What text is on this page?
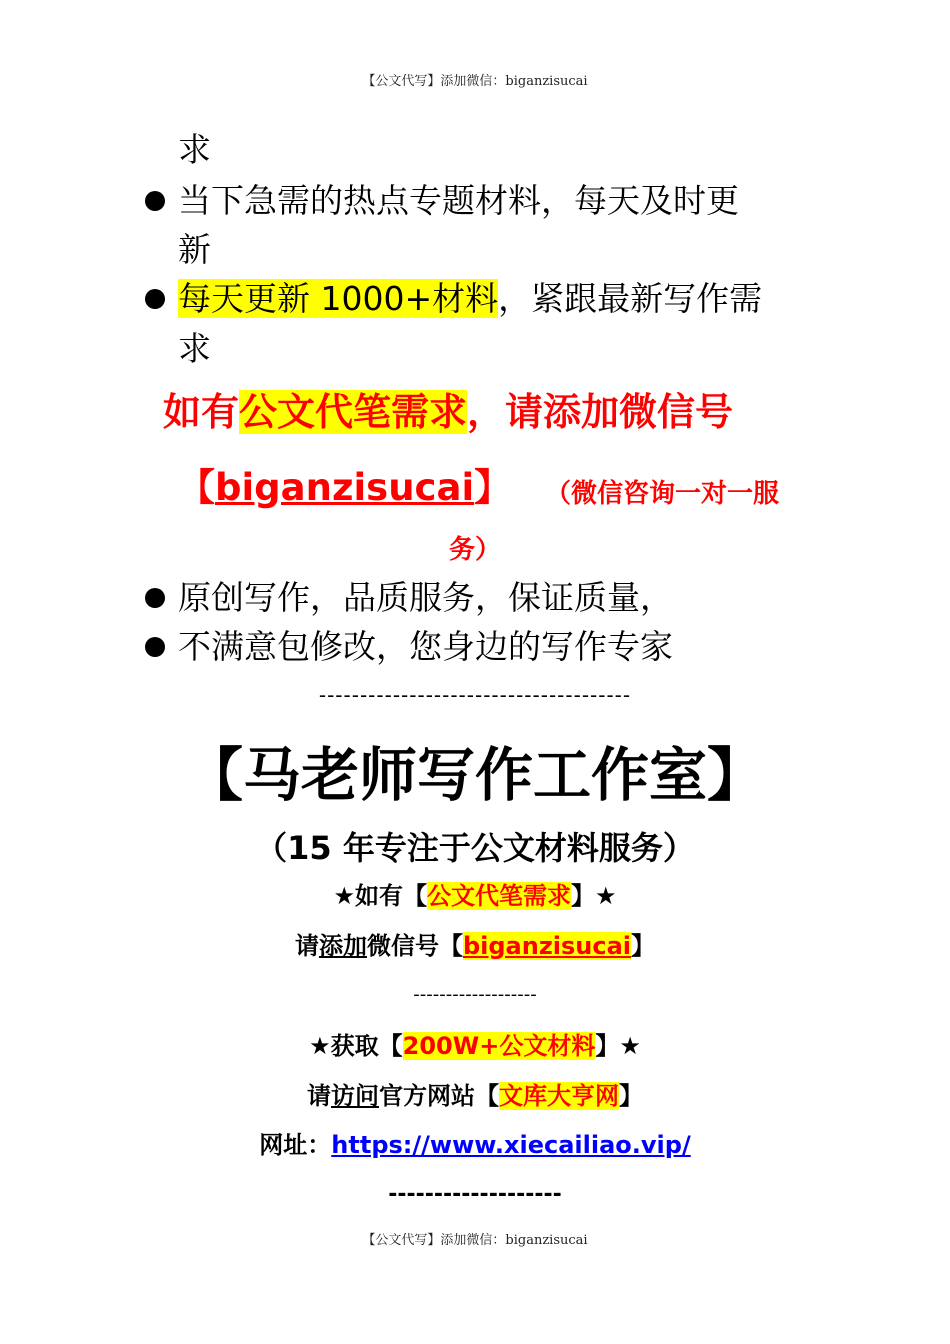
【公文代写】添加微信：biganzisucai
求
当下急需的热点专题材料，每天及时更
新
每天更新 1000+材料，紧跟最新写作需
求
如有公文代笔需求，请添加微信号
【biganzisucai】 （微信咨询一对一服
务）
原创写作，品质服务，保证质量，
不满意包修改，您身边的写作专家
--------------------------------------
【马老师写作工作室】
（15 年专注于公文材料服务）
★如有【公文代笔需求】★
请添加微信号【biganzisucai】
-------------------
★获取【200W+公文材料】★
请访问官方网站【文库大亨网】
网址：https://www.xiecailiao.vip/
-------------------
【公文代写】添加微信：biganzisucai
